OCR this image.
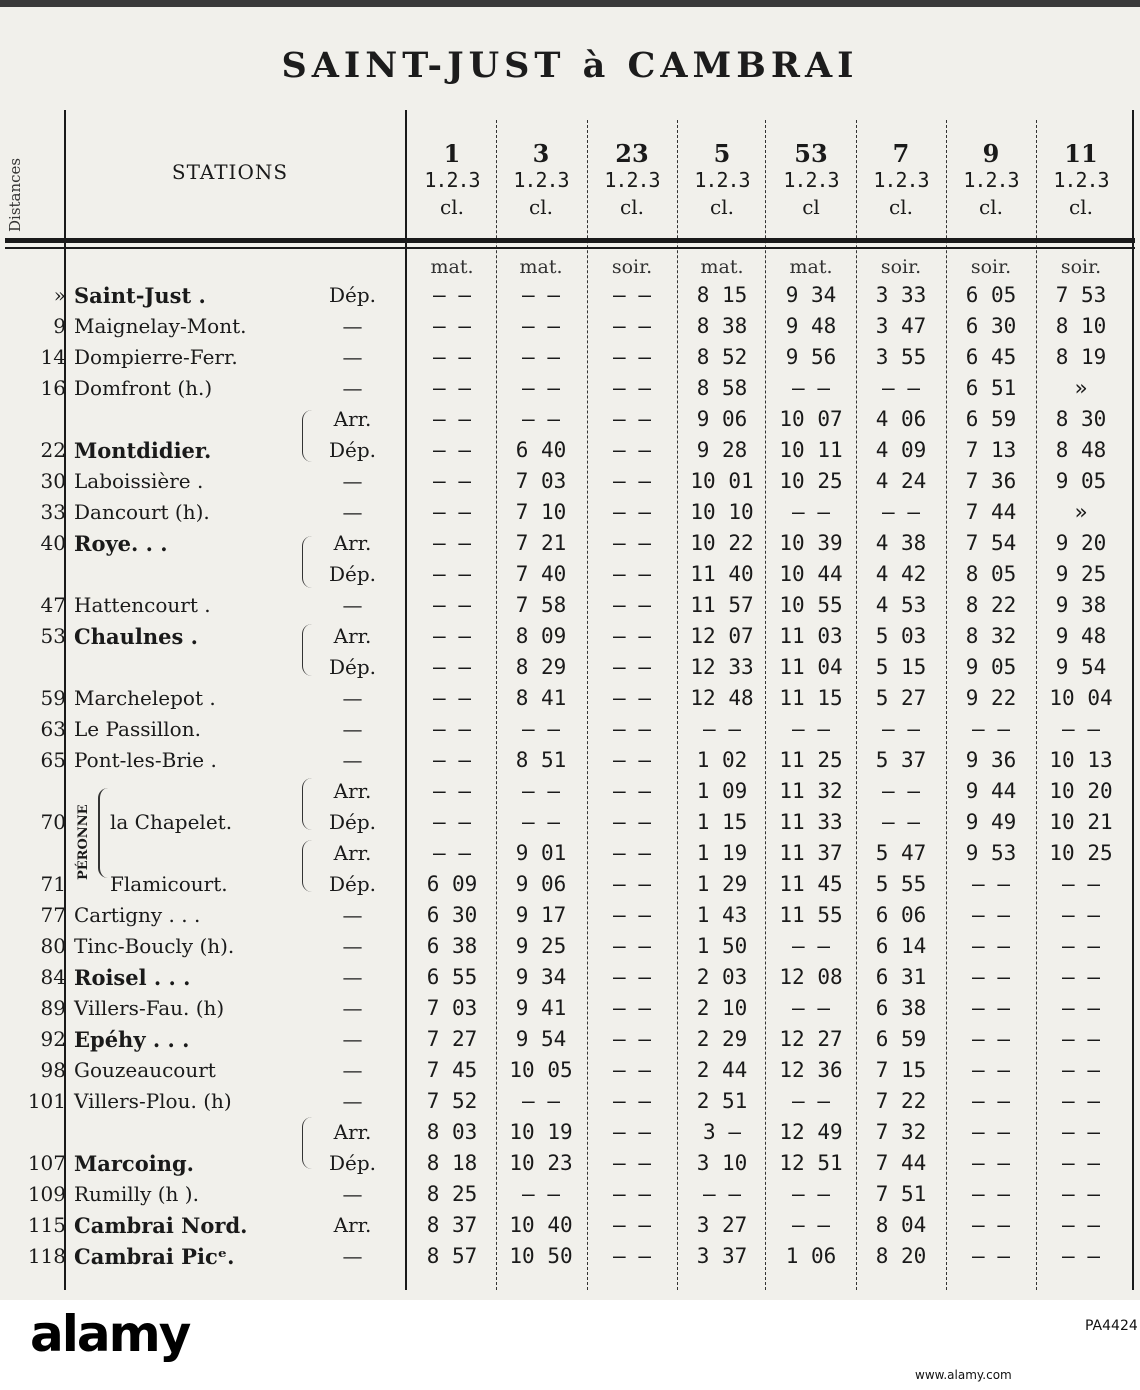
SAINT-JUST à CAMBRAI
Distances	STATIONS
1
1.2.3
cl.
3
1.2.3
cl.
23
1.2.3
cl.
5
1.2.3
cl.
53
1.2.3
cl
7
1.2.3
cl.
9
1.2.3
cl.
11
1.2.3
cl.
mat.	mat.	soir.	mat.	mat.	soir.	soir.	soir.
» Saint-Just .	Dép.	— —	— —	— —	8 15	9 34	3 33	6 05	7 53
9 Maignelay-Mont.	—	— —	— —	— —	8 38	9 48	3 47	6 30	8 10
14 Dompierre-Ferr.	—	— —	— —	— —	8 52	9 56	3 55	6 45	8 19
16 Domfront (h.)	—	— —	— —	— —	8 58	— —	— —	6 51	»
Arr.	— —	— —	— —	9 06	10 07	4 06	6 59	8 30
22 Montdidier.	Dép.	— —	6 40	— —	9 28	10 11	4 09	7 13	8 48
30 Laboissière .	—	— —	7 03	— —	10 01	10 25	4 24	7 36	9 05
33 Dancourt (h).	—	— —	7 10	— —	10 10	— —	— —	7 44	»
40 Roye. . .	Arr.	— —	7 21	— —	10 22	10 39	4 38	7 54	9 20
Dép.	— —	7 40	— —	11 40	10 44	4 42	8 05	9 25
47 Hattencourt .	—	— —	7 58	— —	11 57	10 55	4 53	8 22	9 38
53 Chaulnes .	Arr.	— —	8 09	— —	12 07	11 03	5 03	8 32	9 48
Dép.	— —	8 29	— —	12 33	11 04	5 15	9 05	9 54
59 Marchelepot .	—	— —	8 41	— —	12 48	11 15	5 27	9 22	10 04
63 Le Passillon.	—	— —	— —	— —	— —	— —	— —	— —	— —
65 Pont-les-Brie .	—	— —	8 51	— —	1 02	11 25	5 37	9 36	10 13
Arr.	— —	— —	— —	1 09	11 32	— —	9 44	10 20
70 la Chapelet.	Dép.	— —	— —	— —	1 15	11 33	— —	9 49	10 21
Arr.	— —	9 01	— —	1 19	11 37	5 47	9 53	10 25
71 Flamicourt.	Dép.	6 09	9 06	— —	1 29	11 45	5 55	— —	— —
77 Cartigny . . .	—	6 30	9 17	— —	1 43	11 55	6 06	— —	— —
80 Tinc-Boucly (h).	—	6 38	9 25	— —	1 50	— —	6 14	— —	— —
84 Roisel . . .	—	6 55	9 34	— —	2 03	12 08	6 31	— —	— —
89 Villers-Fau. (h)	—	7 03	9 41	— —	2 10	— —	6 38	— —	— —
92 Epéhy . . .	—	7 27	9 54	— —	2 29	12 27	6 59	— —	— —
98 Gouzeaucourt	—	7 45	10 05	— —	2 44	12 36	7 15	— —	— —
101 Villers-Plou. (h)	—	7 52	— —	— —	2 51	— —	7 22	— —	— —
Arr.	8 03	10 19	— —	3 —	12 49	7 32	— —	— —
107 Marcoing.	Dép.	8 18	10 23	— —	3 10	12 51	7 44	— —	— —
109 Rumilly (h ).	—	8 25	— —	— —	— —	— —	7 51	— —	— —
115 Cambrai Nord.	Arr.	8 37	10 40	— —	3 27	— —	8 04	— —	— —
118 Cambrai Picᵉ.	—	8 57	10 50	— —	3 37	1 06	8 20	— —	— —
PÉRONNE
alamy	PA4424
www.alamy.com
